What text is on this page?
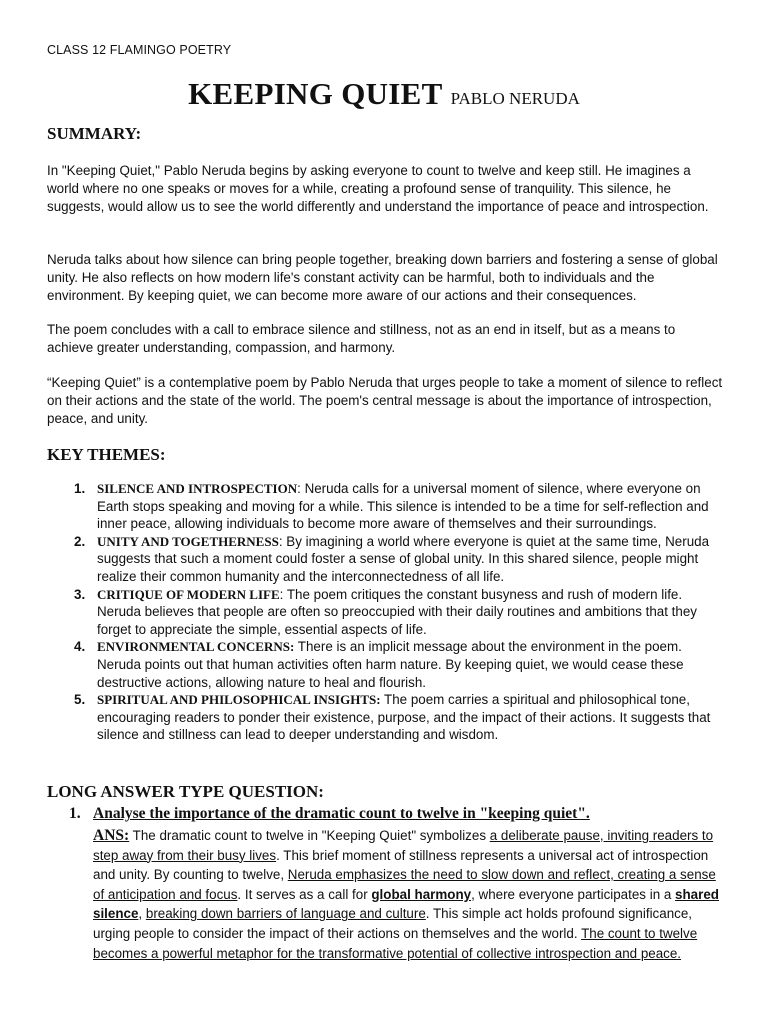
CLASS 12 FLAMINGO POETRY
KEEPING QUIET PABLO NERUDA
SUMMARY:

In "Keeping Quiet," Pablo Neruda begins by asking everyone to count to twelve and keep still. He imagines a world where no one speaks or moves for a while, creating a profound sense of tranquility. This silence, he suggests, would allow us to see the world differently and understand the importance of peace and introspection.

Neruda talks about how silence can bring people together, breaking down barriers and fostering a sense of global unity. He also reflects on how modern life's constant activity can be harmful, both to individuals and the environment. By keeping quiet, we can become more aware of our actions and their consequences.

The poem concludes with a call to embrace silence and stillness, not as an end in itself, but as a means to achieve greater understanding, compassion, and harmony.

“Keeping Quiet” is a contemplative poem by Pablo Neruda that urges people to take a moment of silence to reflect on their actions and the state of the world. The poem's central message is about the importance of introspection, peace, and unity.

KEY THEMES:
1. SILENCE AND INTROSPECTION: Neruda calls for a universal moment of silence, where everyone on Earth stops speaking and moving for a while. This silence is intended to be a time for self-reflection and inner peace, allowing individuals to become more aware of themselves and their surroundings.
2. UNITY AND TOGETHERNESS: By imagining a world where everyone is quiet at the same time, Neruda suggests that such a moment could foster a sense of global unity. In this shared silence, people might realize their common humanity and the interconnectedness of all life.
3. CRITIQUE OF MODERN LIFE: The poem critiques the constant busyness and rush of modern life. Neruda believes that people are often so preoccupied with their daily routines and ambitions that they forget to appreciate the simple, essential aspects of life.
4. ENVIRONMENTAL CONCERNS: There is an implicit message about the environment in the poem. Neruda points out that human activities often harm nature. By keeping quiet, we would cease these destructive actions, allowing nature to heal and flourish.
5. SPIRITUAL AND PHILOSOPHICAL INSIGHTS: The poem carries a spiritual and philosophical tone, encouraging readers to ponder their existence, purpose, and the impact of their actions. It suggests that silence and stillness can lead to deeper understanding and wisdom.
LONG ANSWER TYPE QUESTION:
1. Analyse the importance of the dramatic count to twelve in "keeping quiet".
ANS: The dramatic count to twelve in "Keeping Quiet" symbolizes a deliberate pause, inviting readers to step away from their busy lives. This brief moment of stillness represents a universal act of introspection and unity. By counting to twelve, Neruda emphasizes the need to slow down and reflect, creating a sense of anticipation and focus. It serves as a call for global harmony, where everyone participates in a shared silence, breaking down barriers of language and culture. This simple act holds profound significance, urging people to consider the impact of their actions on themselves and the world. The count to twelve becomes a powerful metaphor for the transformative potential of collective introspection and peace.
